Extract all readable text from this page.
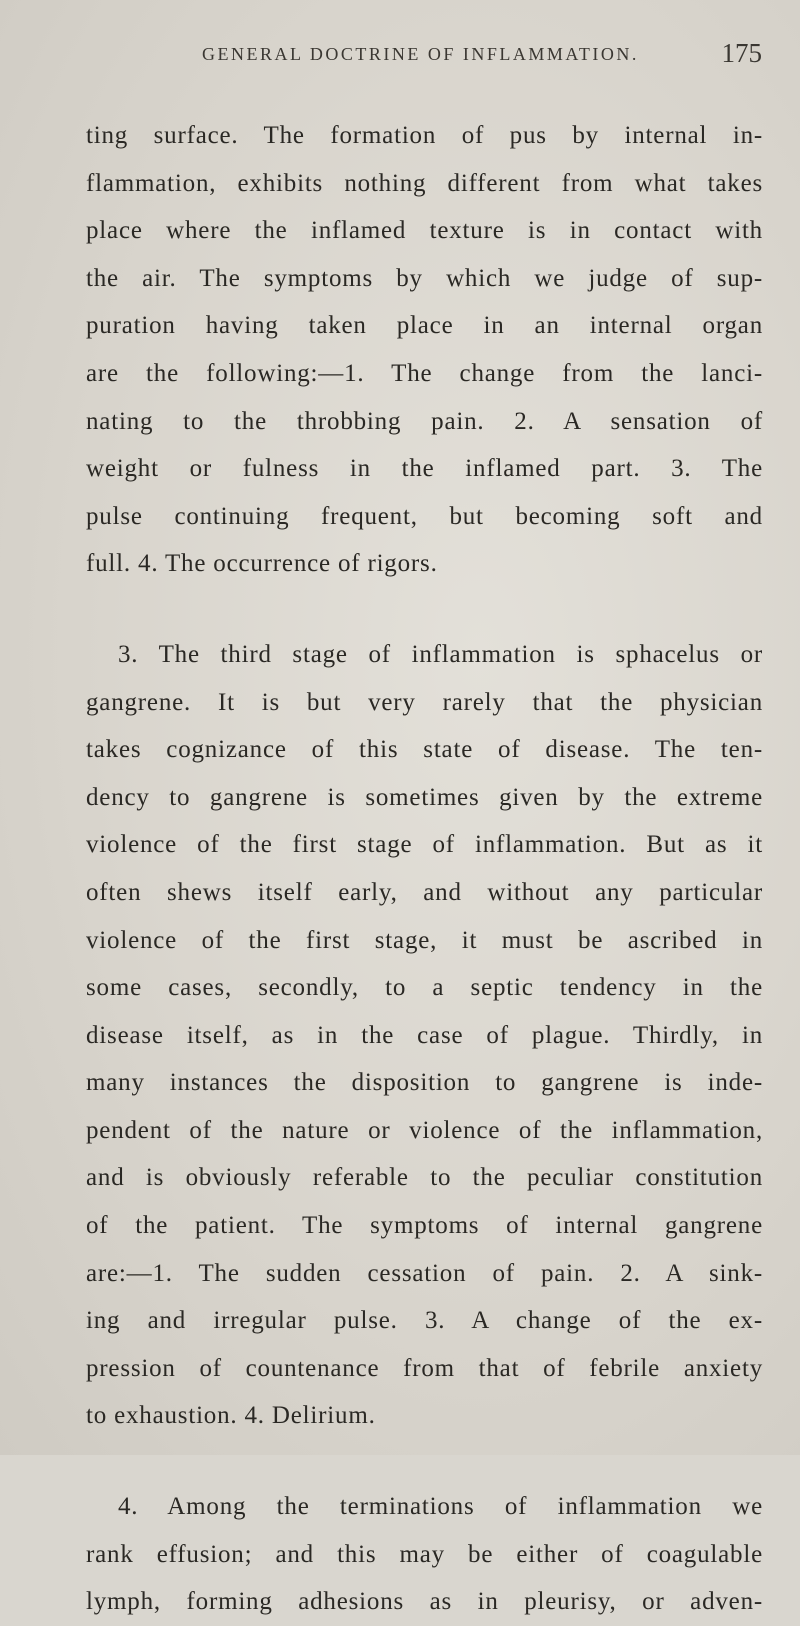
GENERAL DOCTRINE OF INFLAMMATION.	175
ting surface. The formation of pus by internal in-
flammation, exhibits nothing different from what takes
place where the inflamed texture is in contact with
the air. The symptoms by which we judge of sup-
puration having taken place in an internal organ
are the following:—1. The change from the lanci-
nating to the throbbing pain. 2. A sensation of
weight or fulness in the inflamed part. 3. The
pulse continuing frequent, but becoming soft and
full. 4. The occurrence of rigors.
3. The third stage of inflammation is sphacelus or
gangrene. It is but very rarely that the physician
takes cognizance of this state of disease. The ten-
dency to gangrene is sometimes given by the extreme
violence of the first stage of inflammation. But as it
often shews itself early, and without any particular
violence of the first stage, it must be ascribed in
some cases, secondly, to a septic tendency in the
disease itself, as in the case of plague. Thirdly, in
many instances the disposition to gangrene is inde-
pendent of the nature or violence of the inflammation,
and is obviously referable to the peculiar constitution
of the patient. The symptoms of internal gangrene
are:—1. The sudden cessation of pain. 2. A sink-
ing and irregular pulse. 3. A change of the ex-
pression of countenance from that of febrile anxiety
to exhaustion. 4. Delirium.
4. Among the terminations of inflammation we
rank effusion; and this may be either of coagulable
lymph, forming adhesions as in pleurisy, or adven-
